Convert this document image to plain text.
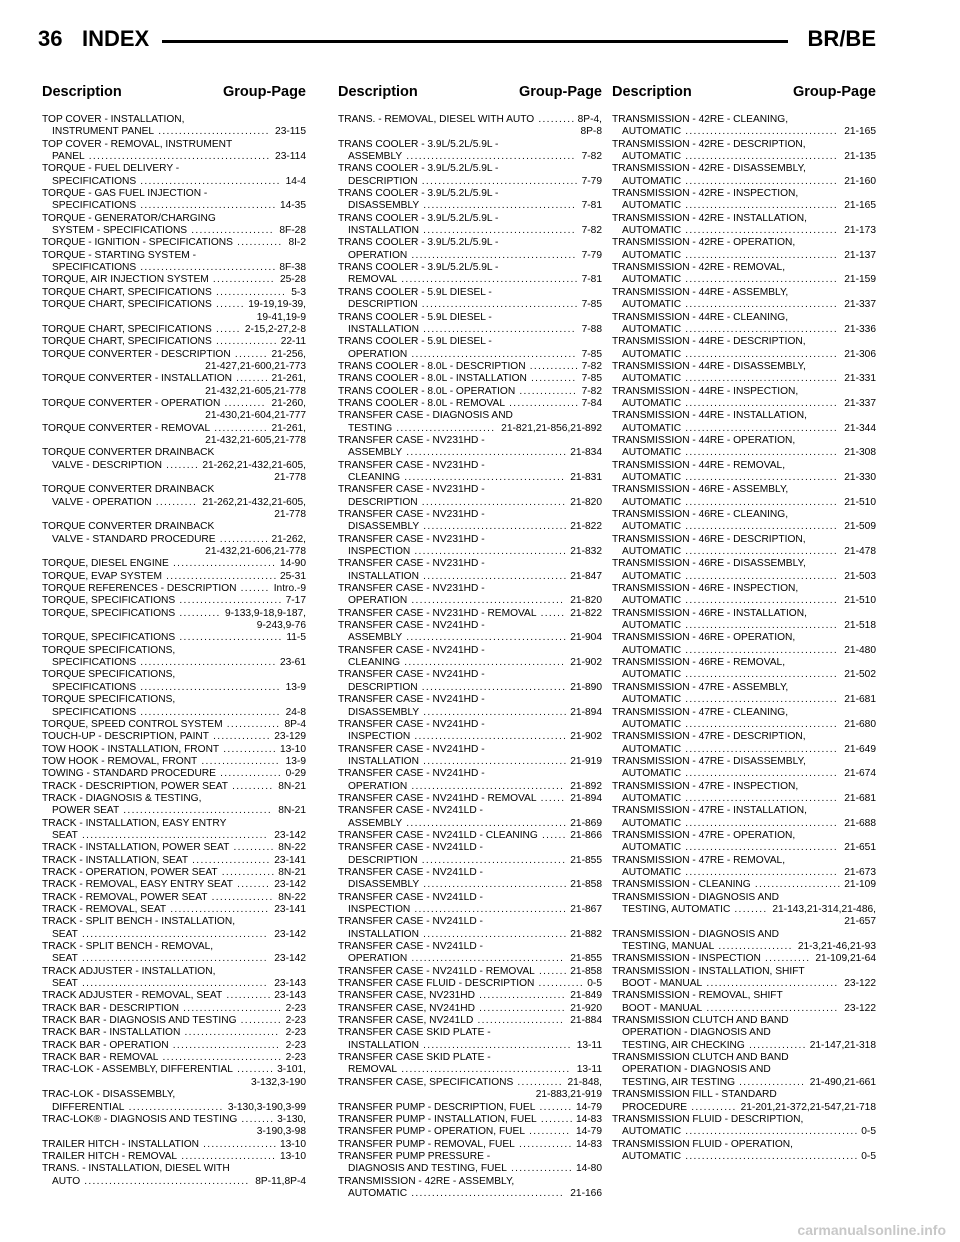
36 INDEX	BR/BE
Description	Group-Page Description	Group-Page Description	Group-Page
TOP COVER - INSTALLATION,
INSTRUMENT PANEL ........................... 23-115
TOP COVER - REMOVAL, INSTRUMENT
PANEL ............................................ 23-114
TORQUE - FUEL DELIVERY -
SPECIFICATIONS .................................. 14-4
TORQUE - GAS FUEL INJECTION -
SPECIFICATIONS ................................. 14-35
TORQUE - GENERATOR/CHARGING
SYSTEM - SPECIFICATIONS .................... 8F-28
TORQUE - IGNITION - SPECIFICATIONS ........... 8I-2
TORQUE - STARTING SYSTEM -
SPECIFICATIONS ................................. 8F-38
TORQUE, AIR INJECTION SYSTEM ............... 25-28
TORQUE CHART, SPECIFICATIONS ................. 5-3
TORQUE CHART, SPECIFICATIONS ....... 19-19,19-39,
19-41,19-9
TORQUE CHART, SPECIFICATIONS ...... 2-15,2-27,2-8
TORQUE CHART, SPECIFICATIONS ............... 22-11
TORQUE CONVERTER - DESCRIPTION ........ 21-256,
21-427,21-600,21-773
TORQUE CONVERTER - INSTALLATION ........ 21-261,
21-432,21-605,21-778
TORQUE CONVERTER - OPERATION .......... 21-260,
21-430,21-604,21-777
TORQUE CONVERTER - REMOVAL ............. 21-261,
21-432,21-605,21-778
TORQUE CONVERTER DRAINBACK
VALVE - DESCRIPTION ........ 21-262,21-432,21-605,
21-778
TORQUE CONVERTER DRAINBACK
VALVE - OPERATION .......... 21-262,21-432,21-605,
21-778
TORQUE CONVERTER DRAINBACK
VALVE - STANDARD PROCEDURE ............ 21-262,
21-432,21-606,21-778
TORQUE, DIESEL ENGINE ......................... 14-90
TORQUE, EVAP SYSTEM ........................... 25-31
TORQUE REFERENCES - DESCRIPTION ....... Intro.-9
TORQUE, SPECIFICATIONS ......................... 7-17
TORQUE, SPECIFICATIONS .......... 9-133,9-18,9-187,
9-243,9-76
TORQUE, SPECIFICATIONS ......................... 11-5
TORQUE SPECIFICATIONS,
SPECIFICATIONS ................................. 23-61
TORQUE SPECIFICATIONS,
SPECIFICATIONS .................................. 13-9
TORQUE SPECIFICATIONS,
SPECIFICATIONS .................................. 24-8
TORQUE, SPEED CONTROL SYSTEM ............. 8P-4
TOUCH-UP - DESCRIPTION, PAINT .............. 23-129
TOW HOOK - INSTALLATION, FRONT ............. 13-10
TOW HOOK - REMOVAL, FRONT ................... 13-9
TOWING - STANDARD PROCEDURE ............... 0-29
TRACK - DESCRIPTION, POWER SEAT .......... 8N-21
TRACK - DIAGNOSIS & TESTING,
POWER SEAT .................................... 8N-21
TRACK - INSTALLATION, EASY ENTRY
SEAT ............................................. 23-142
TRACK - INSTALLATION, POWER SEAT .......... 8N-22
TRACK - INSTALLATION, SEAT ................... 23-141
TRACK - OPERATION, POWER SEAT ............. 8N-21
TRACK - REMOVAL, EASY ENTRY SEAT ........ 23-142
TRACK - REMOVAL, POWER SEAT ............... 8N-22
TRACK - REMOVAL, SEAT ........................ 23-141
TRACK - SPLIT BENCH - INSTALLATION,
SEAT ............................................. 23-142
TRACK - SPLIT BENCH - REMOVAL,
SEAT ............................................. 23-142
TRACK ADJUSTER - INSTALLATION,
SEAT ............................................. 23-143
TRACK ADJUSTER - REMOVAL, SEAT ........... 23-143
TRACK BAR - DESCRIPTION ........................ 2-23
TRACK BAR - DIAGNOSIS AND TESTING .......... 2-23
TRACK BAR - INSTALLATION ....................... 2-23
TRACK BAR - OPERATION .......................... 2-23
TRACK BAR - REMOVAL ............................. 2-23
TRAC-LOK - ASSEMBLY, DIFFERENTIAL ......... 3-101,
3-132,3-190
TRAC-LOK - DISASSEMBLY,
DIFFERENTIAL ....................... 3-130,3-190,3-99
TRAC-LOK® - DIAGNOSIS AND TESTING ........ 3-130,
3-190,3-98
TRAILER HITCH - INSTALLATION .................. 13-10
TRAILER HITCH - REMOVAL ....................... 13-10
TRANS. - INSTALLATION, DIESEL WITH
AUTO ........................................ 8P-11,8P-4
TRANS. - REMOVAL, DIESEL WITH AUTO ......... 8P-4,
8P-8
TRANS COOLER - 3.9L/5.2L/5.9L -
ASSEMBLY ......................................... 7-82
TRANS COOLER - 3.9L/5.2L/5.9L -
DESCRIPTION ...................................... 7-79
TRANS COOLER - 3.9L/5.2L/5.9L -
DISASSEMBLY ..................................... 7-81
TRANS COOLER - 3.9L/5.2L/5.9L -
INSTALLATION ..................................... 7-82
TRANS COOLER - 3.9L/5.2L/5.9L -
OPERATION ........................................ 7-79
TRANS COOLER - 3.9L/5.2L/5.9L -
REMOVAL ........................................... 7-81
TRANS COOLER - 5.9L DIESEL -
DESCRIPTION ...................................... 7-85
TRANS COOLER - 5.9L DIESEL -
INSTALLATION ..................................... 7-88
TRANS COOLER - 5.9L DIESEL -
OPERATION ........................................ 7-85
TRANS COOLER - 8.0L - DESCRIPTION ............ 7-82
TRANS COOLER - 8.0L - INSTALLATION ........... 7-85
TRANS COOLER - 8.0L - OPERATION .............. 7-82
TRANS COOLER - 8.0L - REMOVAL ................. 7-84
TRANSFER CASE - DIAGNOSIS AND
TESTING ........................ 21-821,21-856,21-892
TRANSFER CASE - NV231HD -
ASSEMBLY ....................................... 21-834
TRANSFER CASE - NV231HD -
CLEANING ....................................... 21-831
TRANSFER CASE - NV231HD -
DESCRIPTION ................................... 21-820
TRANSFER CASE - NV231HD -
DISASSEMBLY ................................... 21-822
TRANSFER CASE - NV231HD -
INSPECTION ..................................... 21-832
TRANSFER CASE - NV231HD -
INSTALLATION ................................... 21-847
TRANSFER CASE - NV231HD -
OPERATION ..................................... 21-820
TRANSFER CASE - NV231HD - REMOVAL ...... 21-822
TRANSFER CASE - NV241HD -
ASSEMBLY ....................................... 21-904
TRANSFER CASE - NV241HD -
CLEANING ....................................... 21-902
TRANSFER CASE - NV241HD -
DESCRIPTION ................................... 21-890
TRANSFER CASE - NV241HD -
DISASSEMBLY ................................... 21-894
TRANSFER CASE - NV241HD -
INSPECTION ..................................... 21-902
TRANSFER CASE - NV241HD -
INSTALLATION ................................... 21-919
TRANSFER CASE - NV241HD -
OPERATION ..................................... 21-892
TRANSFER CASE - NV241HD - REMOVAL ...... 21-894
TRANSFER CASE - NV241LD -
ASSEMBLY ....................................... 21-869
TRANSFER CASE - NV241LD - CLEANING ...... 21-866
TRANSFER CASE - NV241LD -
DESCRIPTION ................................... 21-855
TRANSFER CASE - NV241LD -
DISASSEMBLY ................................... 21-858
TRANSFER CASE - NV241LD -
INSPECTION ..................................... 21-867
TRANSFER CASE - NV241LD -
INSTALLATION ................................... 21-882
TRANSFER CASE - NV241LD -
OPERATION ..................................... 21-855
TRANSFER CASE - NV241LD - REMOVAL ....... 21-858
TRANSFER CASE FLUID - DESCRIPTION ........... 0-5
TRANSFER CASE, NV231HD ..................... 21-849
TRANSFER CASE, NV241HD ..................... 21-920
TRANSFER CASE, NV241LD ..................... 21-884
TRANSFER CASE SKID PLATE -
INSTALLATION .................................... 13-11
TRANSFER CASE SKID PLATE -
REMOVAL ......................................... 13-11
TRANSFER CASE, SPECIFICATIONS ........... 21-848,
21-883,21-919
TRANSFER PUMP - DESCRIPTION, FUEL ........ 14-79
TRANSFER PUMP - INSTALLATION, FUEL ........ 14-83
TRANSFER PUMP - OPERATION, FUEL .......... 14-79
TRANSFER PUMP - REMOVAL, FUEL ............. 14-83
TRANSFER PUMP PRESSURE -
DIAGNOSIS AND TESTING, FUEL ............... 14-80
TRANSMISSION - 42RE - ASSEMBLY,
AUTOMATIC ..................................... 21-166
TRANSMISSION - 42RE - CLEANING,
AUTOMATIC ..................................... 21-165
TRANSMISSION - 42RE - DESCRIPTION,
AUTOMATIC ..................................... 21-135
TRANSMISSION - 42RE - DISASSEMBLY,
AUTOMATIC ..................................... 21-160
TRANSMISSION - 42RE - INSPECTION,
AUTOMATIC ..................................... 21-165
TRANSMISSION - 42RE - INSTALLATION,
AUTOMATIC ..................................... 21-173
TRANSMISSION - 42RE - OPERATION,
AUTOMATIC ..................................... 21-137
TRANSMISSION - 42RE - REMOVAL,
AUTOMATIC ..................................... 21-159
TRANSMISSION - 44RE - ASSEMBLY,
AUTOMATIC ..................................... 21-337
TRANSMISSION - 44RE - CLEANING,
AUTOMATIC ..................................... 21-336
TRANSMISSION - 44RE - DESCRIPTION,
AUTOMATIC ..................................... 21-306
TRANSMISSION - 44RE - DISASSEMBLY,
AUTOMATIC ..................................... 21-331
TRANSMISSION - 44RE - INSPECTION,
AUTOMATIC ..................................... 21-337
TRANSMISSION - 44RE - INSTALLATION,
AUTOMATIC ..................................... 21-344
TRANSMISSION - 44RE - OPERATION,
AUTOMATIC ..................................... 21-308
TRANSMISSION - 44RE - REMOVAL,
AUTOMATIC ..................................... 21-330
TRANSMISSION - 46RE - ASSEMBLY,
AUTOMATIC ..................................... 21-510
TRANSMISSION - 46RE - CLEANING,
AUTOMATIC ..................................... 21-509
TRANSMISSION - 46RE - DESCRIPTION,
AUTOMATIC ..................................... 21-478
TRANSMISSION - 46RE - DISASSEMBLY,
AUTOMATIC ..................................... 21-503
TRANSMISSION - 46RE - INSPECTION,
AUTOMATIC ..................................... 21-510
TRANSMISSION - 46RE - INSTALLATION,
AUTOMATIC ..................................... 21-518
TRANSMISSION - 46RE - OPERATION,
AUTOMATIC ..................................... 21-480
TRANSMISSION - 46RE - REMOVAL,
AUTOMATIC ..................................... 21-502
TRANSMISSION - 47RE - ASSEMBLY,
AUTOMATIC ..................................... 21-681
TRANSMISSION - 47RE - CLEANING,
AUTOMATIC ..................................... 21-680
TRANSMISSION - 47RE - DESCRIPTION,
AUTOMATIC ..................................... 21-649
TRANSMISSION - 47RE - DISASSEMBLY,
AUTOMATIC ..................................... 21-674
TRANSMISSION - 47RE - INSPECTION,
AUTOMATIC ..................................... 21-681
TRANSMISSION - 47RE - INSTALLATION,
AUTOMATIC ..................................... 21-688
TRANSMISSION - 47RE - OPERATION,
AUTOMATIC ..................................... 21-651
TRANSMISSION - 47RE - REMOVAL,
AUTOMATIC ..................................... 21-673
TRANSMISSION - CLEANING ..................... 21-109
TRANSMISSION - DIAGNOSIS AND
TESTING, AUTOMATIC ........ 21-143,21-314,21-486,
21-657
TRANSMISSION - DIAGNOSIS AND
TESTING, MANUAL .................. 21-3,21-46,21-93
TRANSMISSION - INSPECTION ........... 21-109,21-64
TRANSMISSION - INSTALLATION, SHIFT
BOOT - MANUAL ................................ 23-122
TRANSMISSION - REMOVAL, SHIFT
BOOT - MANUAL ................................ 23-122
TRANSMISSION CLUTCH AND BAND
OPERATION - DIAGNOSIS AND
TESTING, AIR CHECKING .............. 21-147,21-318
TRANSMISSION CLUTCH AND BAND
OPERATION - DIAGNOSIS AND
TESTING, AIR TESTING ................ 21-490,21-661
TRANSMISSION FILL - STANDARD
PROCEDURE ........... 21-201,21-372,21-547,21-718
TRANSMISSION FLUID - DESCRIPTION,
AUTOMATIC .......................................... 0-5
TRANSMISSION FLUID - OPERATION,
AUTOMATIC .......................................... 0-5
carmanualsonline.info
